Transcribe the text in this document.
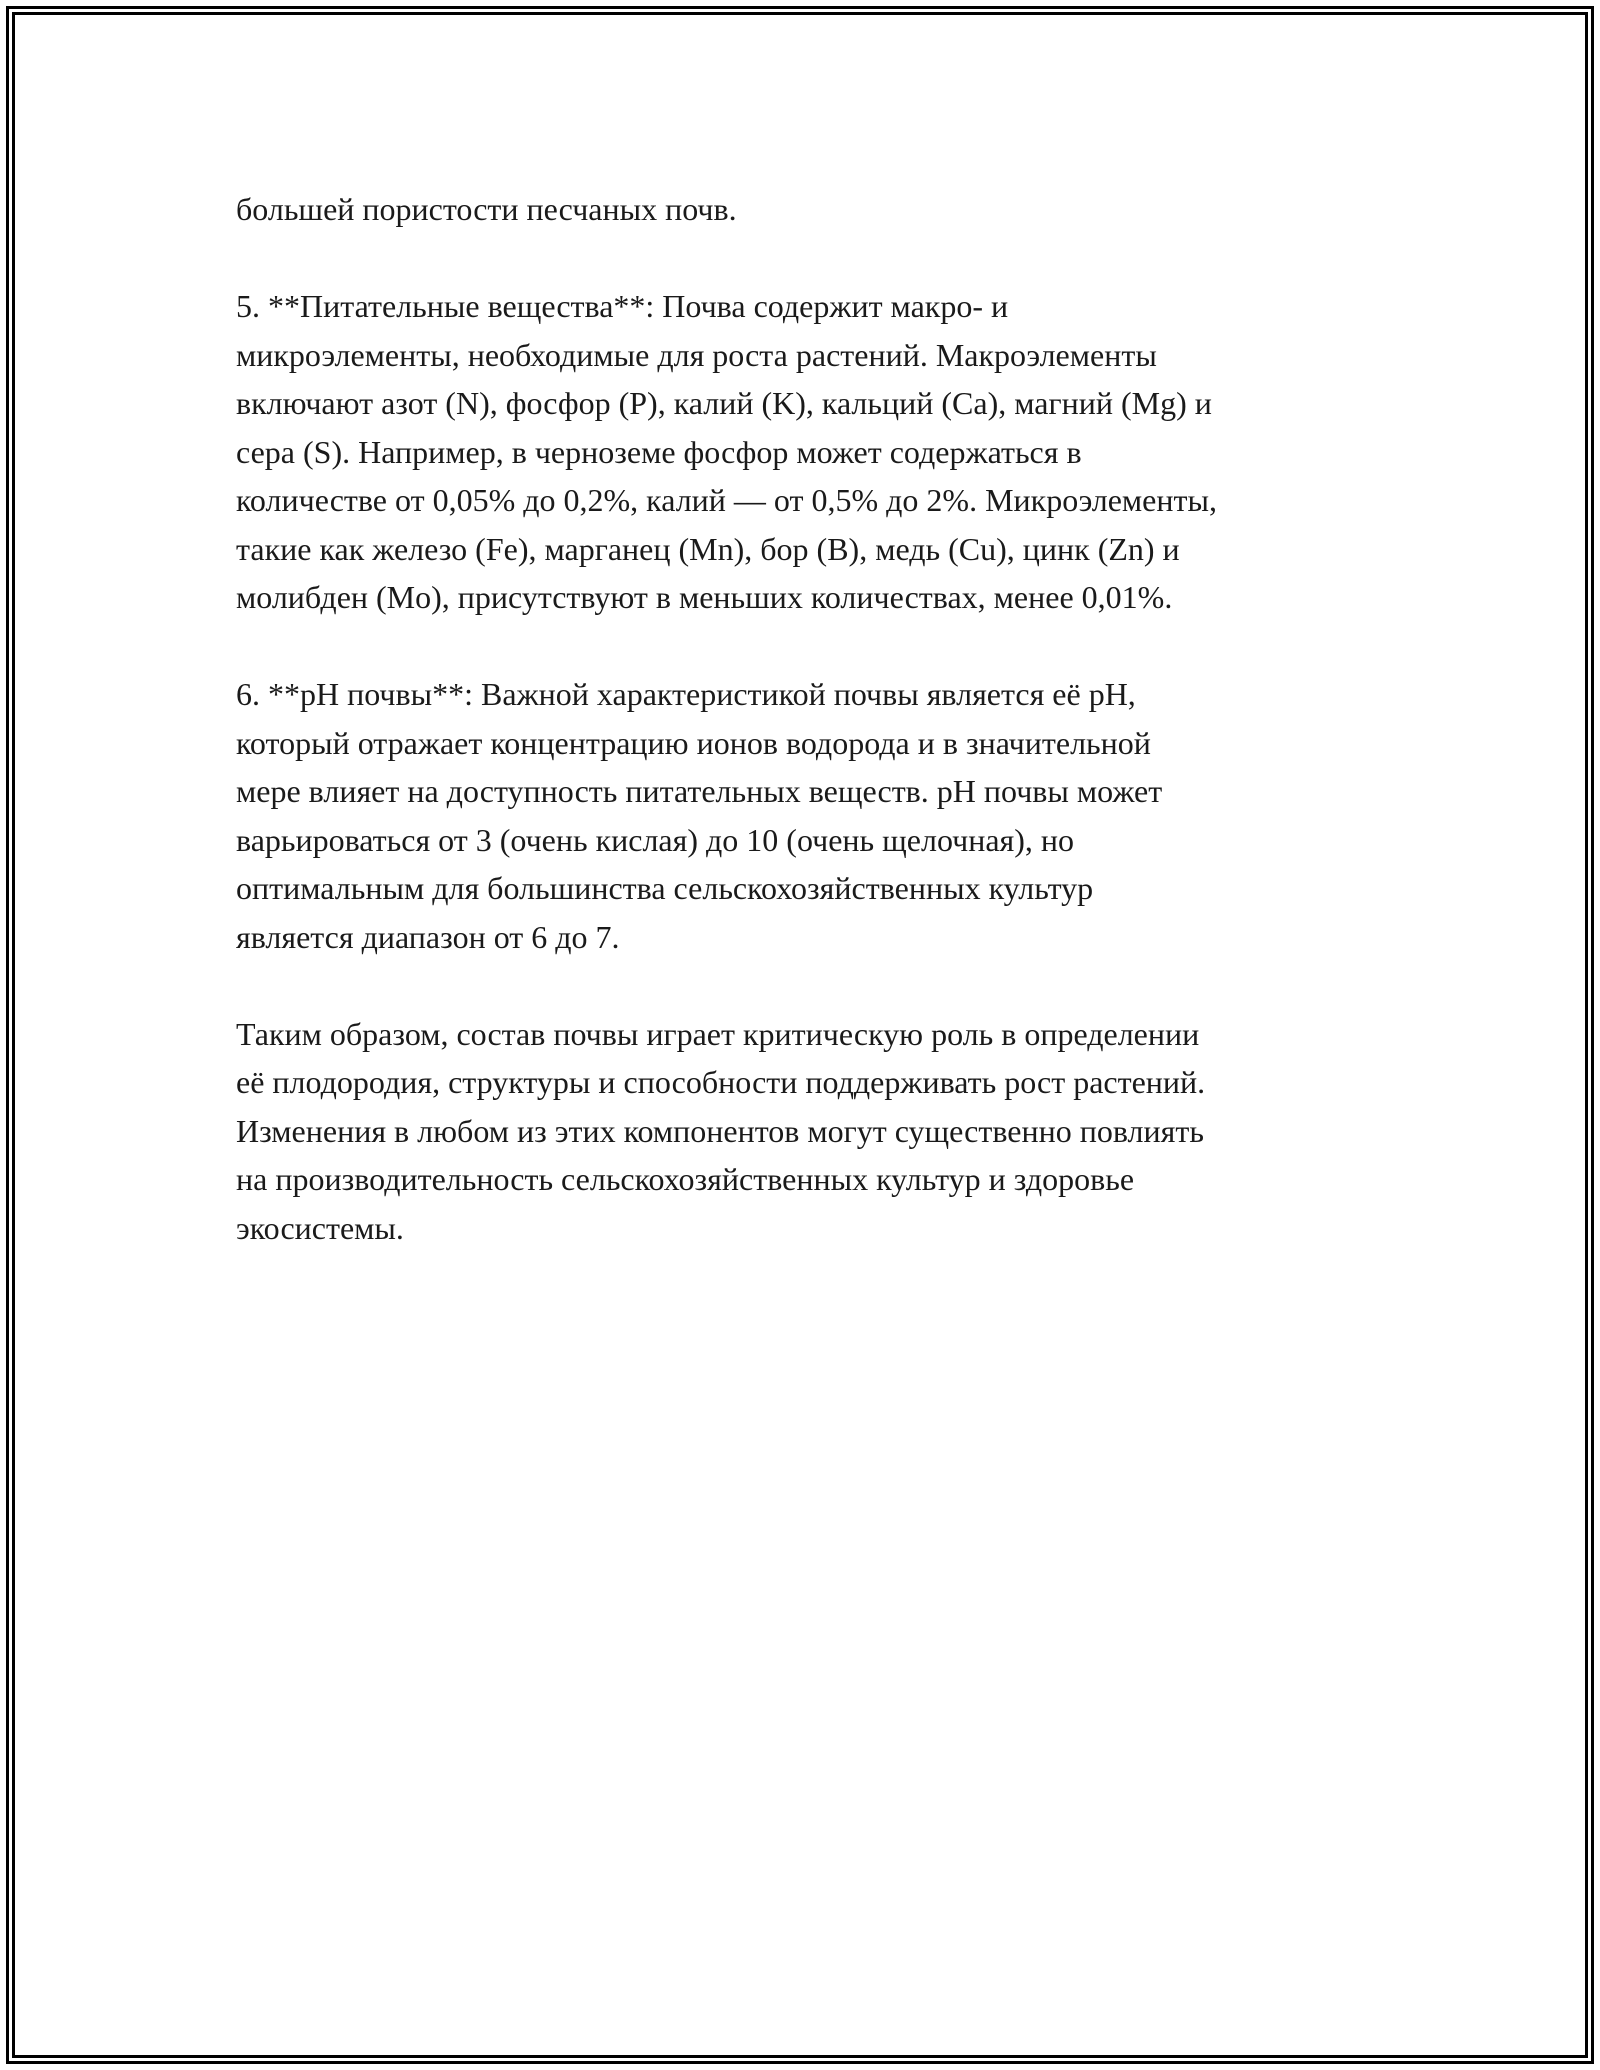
большей пористости песчаных почв.

5. **Питательные вещества**: Почва содержит макро- и
микроэлементы, необходимые для роста растений. Макроэлементы
включают азот (N), фосфор (P), калий (K), кальций (Ca), магний (Mg) и
сера (S). Например, в черноземе фосфор может содержаться в
количестве от 0,05% до 0,2%, калий — от 0,5% до 2%. Микроэлементы,
такие как железо (Fe), марганец (Mn), бор (B), медь (Cu), цинк (Zn) и
молибден (Mo), присутствуют в меньших количествах, менее 0,01%.

6. **pH почвы**: Важной характеристикой почвы является её pH,
который отражает концентрацию ионов водорода и в значительной
мере влияет на доступность питательных веществ. pH почвы может
варьироваться от 3 (очень кислая) до 10 (очень щелочная), но
оптимальным для большинства сельскохозяйственных культур
является диапазон от 6 до 7.

Таким образом, состав почвы играет критическую роль в определении
её плодородия, структуры и способности поддерживать рост растений.
Изменения в любом из этих компонентов могут существенно повлиять
на производительность сельскохозяйственных культур и здоровье
экосистемы.
